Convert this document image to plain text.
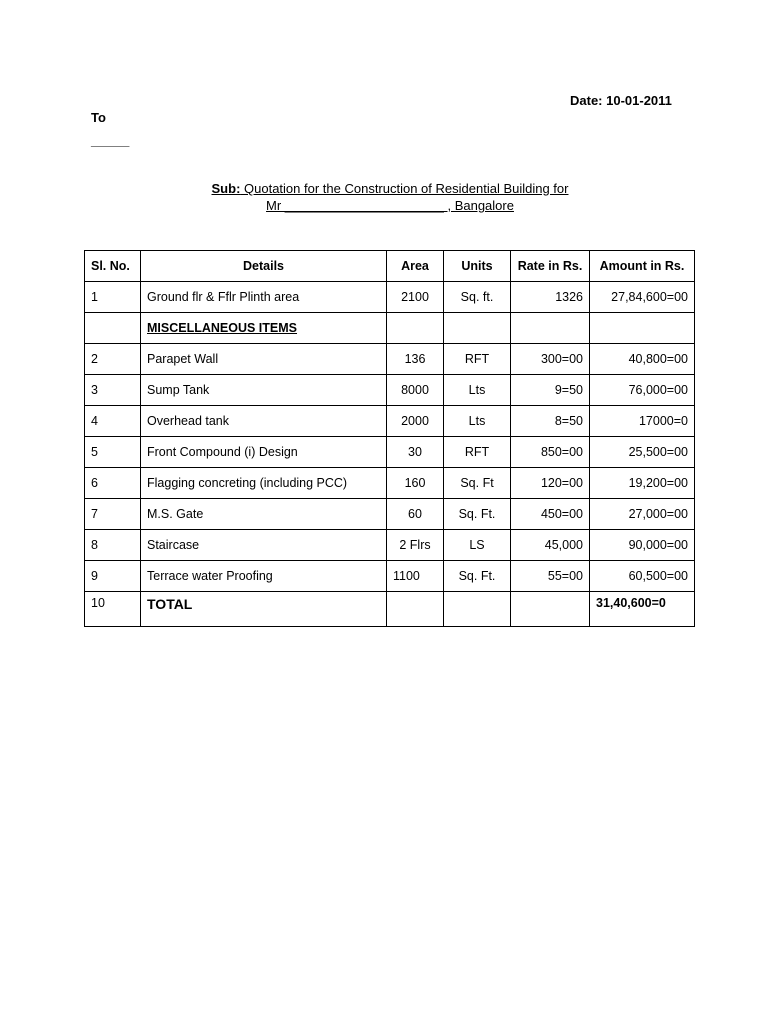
Date: 10-01-2011
To
______
Sub: Quotation for the Construction of Residential Building for
Mr ______________________ , Bangalore
Sl. No.	Details	Area	Units	Rate in Rs.	Amount in Rs.
1	Ground flr & Fflr Plinth area	2100	Sq. ft.	1326	27,84,600=00
	MISCELLANEOUS ITEMS				
2	Parapet Wall	136	RFT	300=00	40,800=00
3	Sump Tank	8000	Lts	9=50	76,000=00
4	Overhead tank	2000	Lts	8=50	17000=0
5	Front Compound (i) Design	30	RFT	850=00	25,500=00
6	Flagging concreting (including PCC)	160	Sq. Ft	120=00	19,200=00
7	M.S. Gate	60	Sq. Ft.	450=00	27,000=00
8	Staircase	2 Flrs	LS	45,000	90,000=00
9	Terrace water Proofing	1100	Sq. Ft.	55=00	60,500=00
10	TOTAL				31,40,600=0
